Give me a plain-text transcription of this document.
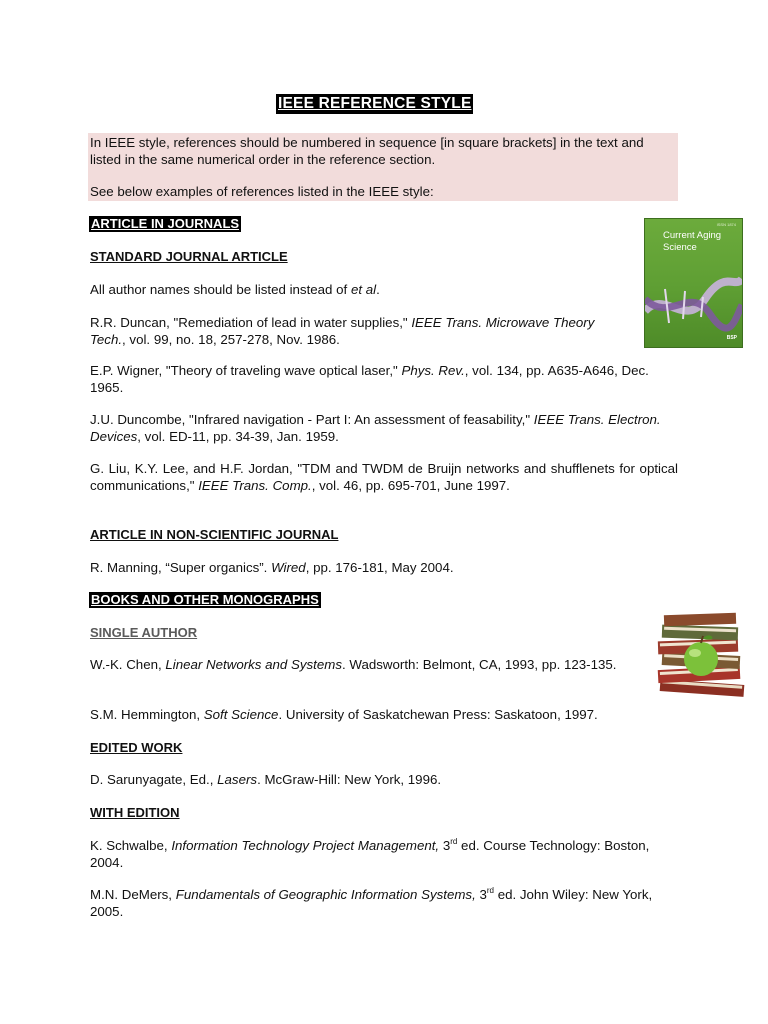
IEEE REFERENCE STYLE

In IEEE style, references should be numbered in sequence [in square brackets] in the text and listed in the same numerical order in the reference section.

See below examples of references listed in the IEEE style:

ARTICLE IN JOURNALS
STANDARD JOURNAL ARTICLE

All author names should be listed instead of et al.

R.R. Duncan, "Remediation of lead in water supplies," IEEE Trans. Microwave Theory Tech., vol. 99, no. 18, 257-278, Nov. 1986.

E.P. Wigner, "Theory of traveling wave optical laser," Phys. Rev., vol. 134, pp. A635-A646, Dec. 1965.

J.U. Duncombe, "Infrared navigation - Part I: An assessment of feasability," IEEE Trans. Electron. Devices, vol. ED-11, pp. 34-39, Jan. 1959.

G. Liu, K.Y. Lee, and H.F. Jordan, "TDM and TWDM de Bruijn networks and shufflenets for optical communications," IEEE Trans. Comp., vol. 46, pp. 695-701, June 1997.

ARTICLE IN NON-SCIENTIFIC JOURNAL

R. Manning, “Super organics”. Wired, pp. 176-181, May 2004.

BOOKS AND OTHER MONOGRAPHS
SINGLE AUTHOR

W.-K. Chen, Linear Networks and Systems. Wadsworth: Belmont, CA, 1993, pp. 123-135.

S.M. Hemmington, Soft Science. University of Saskatchewan Press: Saskatoon, 1997.

EDITED WORK

D. Sarunyagate, Ed., Lasers. McGraw-Hill: New York, 1996.

WITH EDITION

K. Schwalbe, Information Technology Project Management, 3rd ed. Course Technology: Boston, 2004.

M.N. DeMers, Fundamentals of Geographic Information Systems, 3rd ed. John Wiley: New York, 2005.

ISSN 1874
Current Aging Science
BSP
